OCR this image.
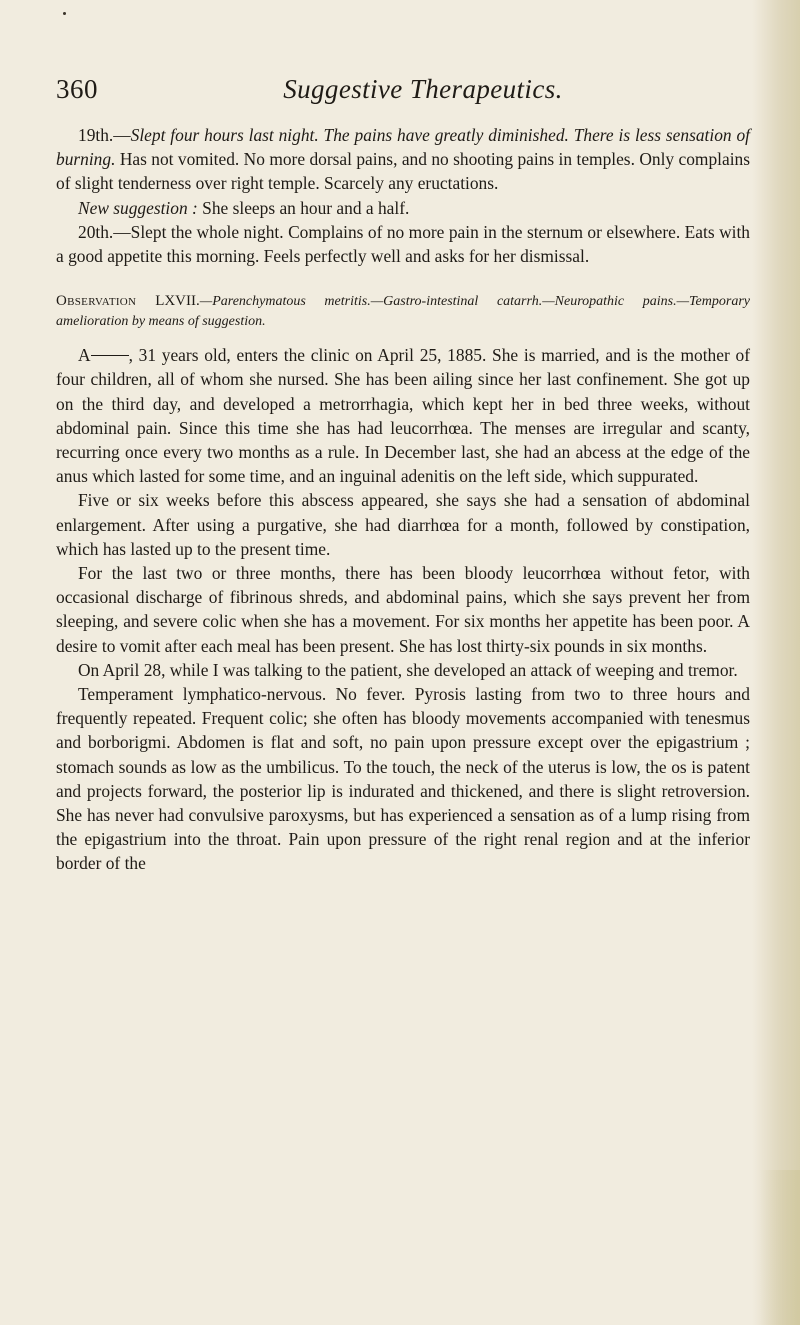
360	Suggestive Therapeutics.

19th.—Slept four hours last night. The pains have greatly diminished. There is less sensation of burning. Has not vomited. No more dorsal pains, and no shooting pains in temples. Only complains of slight tenderness over right temple. Scarcely any eructations.

New suggestion : She sleeps an hour and a half.

20th.—Slept the whole night. Complains of no more pain in the sternum or elsewhere. Eats with a good appetite this morning. Feels perfectly well and asks for her dismissal.

Observation LXVII.—Parenchymatous metritis.—Gastro-intestinal catarrh.—Neuropathic pains.—Temporary amelioration by means of suggestion.

A , 31 years old, enters the clinic on April 25, 1885. She is married, and is the mother of four children, all of whom she nursed. She has been ailing since her last confinement. She got up on the third day, and developed a metrorrhagia, which kept her in bed three weeks, without abdominal pain. Since this time she has had leucorrhœa. The menses are irregular and scanty, recurring once every two months as a rule. In December last, she had an abcess at the edge of the anus which lasted for some time, and an inguinal adenitis on the left side, which suppurated.

Five or six weeks before this abscess appeared, she says she had a sensation of abdominal enlargement. After using a purgative, she had diarrhœa for a month, followed by constipation, which has lasted up to the present time.

For the last two or three months, there has been bloody leucorrhœa without fetor, with occasional discharge of fibrinous shreds, and abdominal pains, which she says prevent her from sleeping, and severe colic when she has a movement. For six months her appetite has been poor. A desire to vomit after each meal has been present. She has lost thirty-six pounds in six months.

On April 28, while I was talking to the patient, she developed an attack of weeping and tremor.

Temperament lymphatico-nervous. No fever. Pyrosis lasting from two to three hours and frequently repeated. Frequent colic; she often has bloody movements accompanied with tenesmus and borborigmi. Abdomen is flat and soft, no pain upon pressure except over the epigastrium ; stomach sounds as low as the umbilicus. To the touch, the neck of the uterus is low, the os is patent and projects forward, the posterior lip is indurated and thickened, and there is slight retroversion. She has never had convulsive paroxysms, but has experienced a sensation as of a lump rising from the epigastrium into the throat. Pain upon pressure of the right renal region and at the inferior border of the
